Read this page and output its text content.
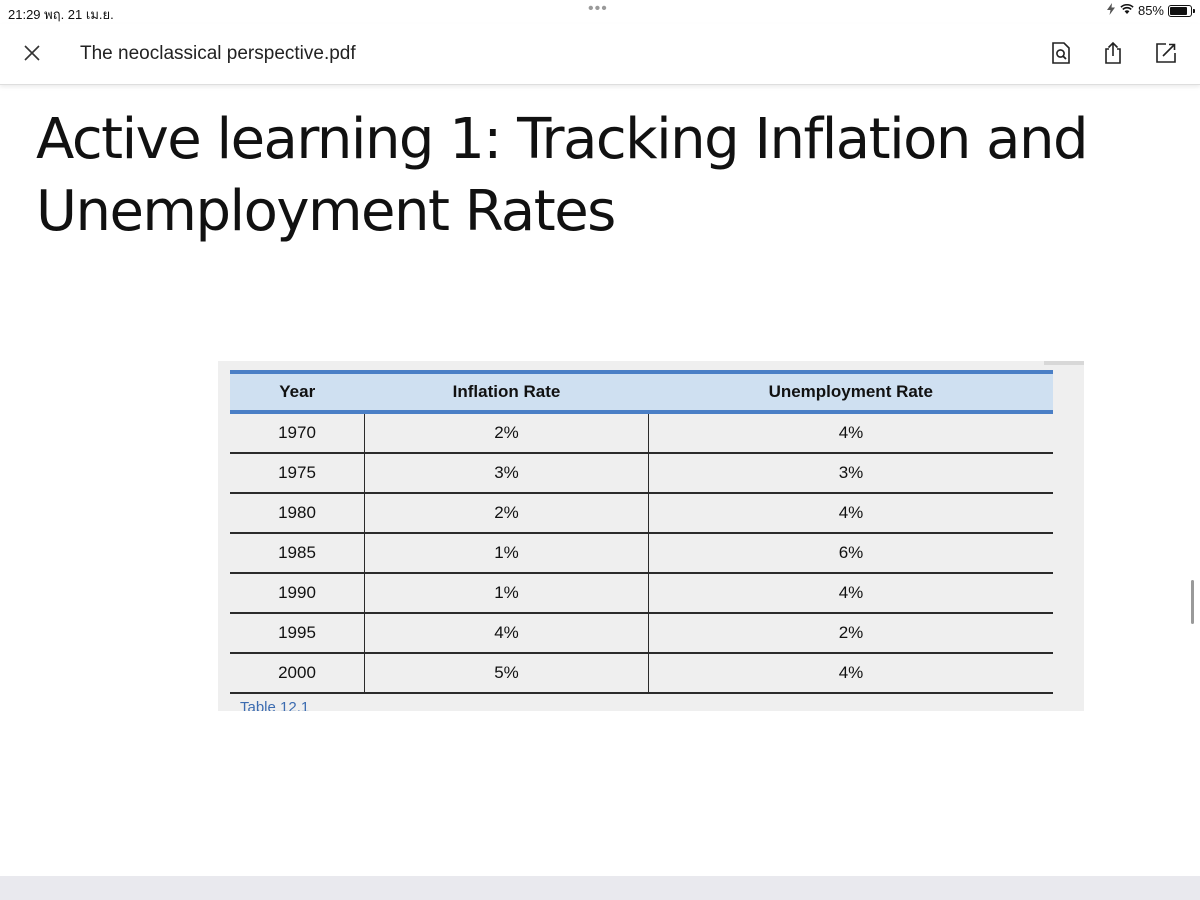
21:29 พฤ. 21 เม.ย.	•••	85%
The neoclassical perspective.pdf
Active learning 1: Tracking Inflation and
Unemployment Rates
Year	Inflation Rate	Unemployment Rate
1970	2%	4%
1975	3%	3%
1980	2%	4%
1985	1%	6%
1990	1%	4%
1995	4%	2%
2000	5%	4%
Table 12.1
